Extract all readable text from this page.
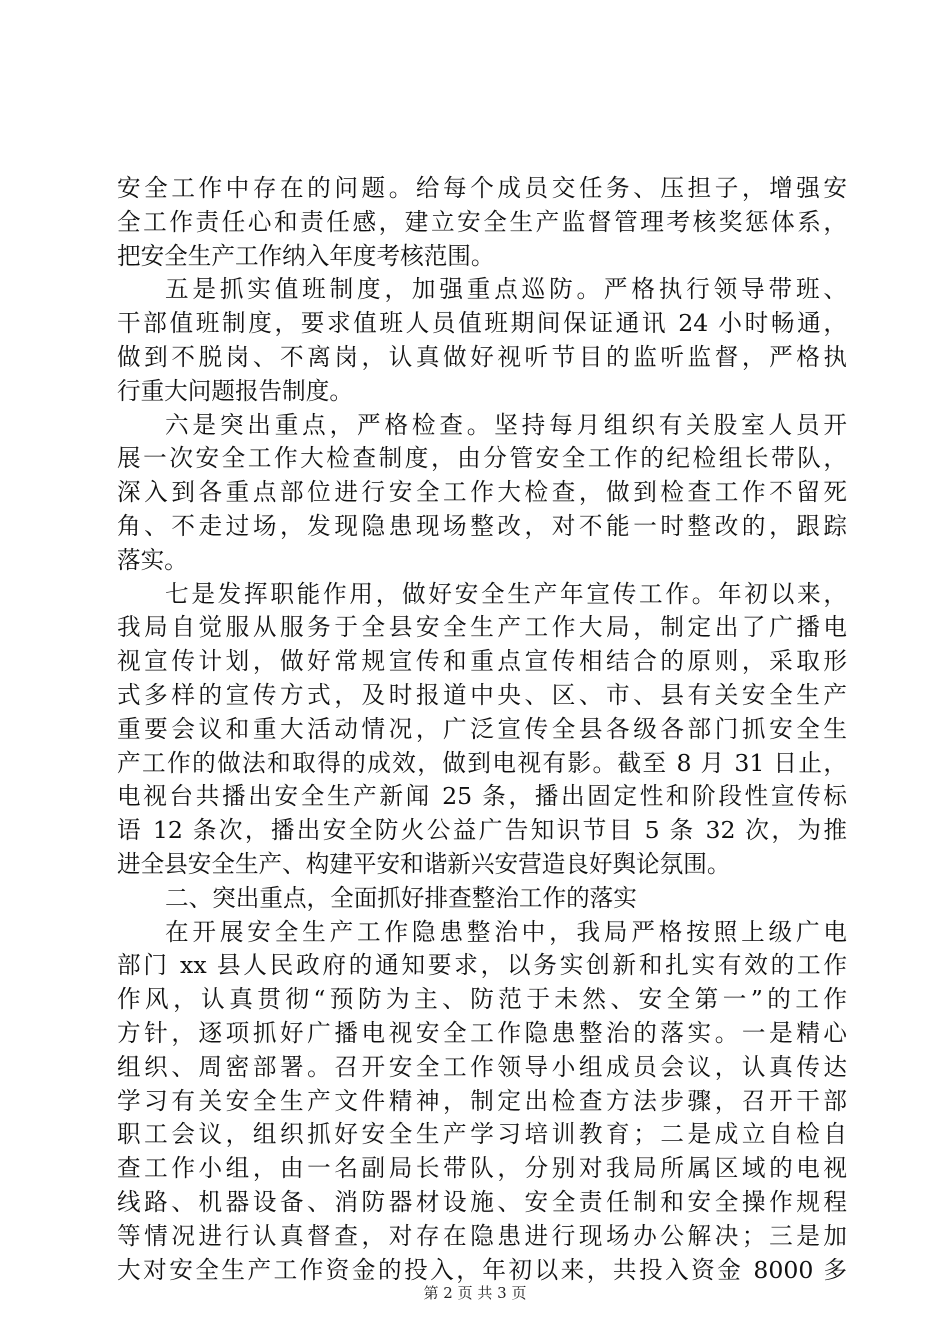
安全工作中存在的问题。给每个成员交任务、压担子，增强安
全工作责任心和责任感，建立安全生产监督管理考核奖惩体系，
把安全生产工作纳入年度考核范围。
五是抓实值班制度，加强重点巡防。严格执行领导带班、
干部值班制度，要求值班人员值班期间保证通讯 24 小时畅通，
做到不脱岗、不离岗，认真做好视听节目的监听监督，严格执
行重大问题报告制度。
六是突出重点，严格检查。坚持每月组织有关股室人员开
展一次安全工作大检查制度，由分管安全工作的纪检组长带队，
深入到各重点部位进行安全工作大检查，做到检查工作不留死
角、不走过场，发现隐患现场整改，对不能一时整改的，跟踪
落实。
七是发挥职能作用，做好安全生产年宣传工作。年初以来，
我局自觉服从服务于全县安全生产工作大局，制定出了广播电
视宣传计划，做好常规宣传和重点宣传相结合的原则，采取形
式多样的宣传方式，及时报道中央、区、市、县有关安全生产
重要会议和重大活动情况，广泛宣传全县各级各部门抓安全生
产工作的做法和取得的成效，做到电视有影。截至 8 月 31 日止，
电视台共播出安全生产新闻 25 条，播出固定性和阶段性宣传标
语 12 条次，播出安全防火公益广告知识节目 5 条 32 次，为推
进全县安全生产、构建平安和谐新兴安营造良好舆论氛围。
二、突出重点，全面抓好排查整治工作的落实
在开展安全生产工作隐患整治中，我局严格按照上级广电
部门 xx 县人民政府的通知要求，以务实创新和扎实有效的工作
作风，认真贯彻“预防为主、防范于未然、安全第一”的工作
方针，逐项抓好广播电视安全工作隐患整治的落实。一是精心
组织、周密部署。召开安全工作领导小组成员会议，认真传达
学习有关安全生产文件精神，制定出检查方法步骤，召开干部
职工会议，组织抓好安全生产学习培训教育；二是成立自检自
查工作小组，由一名副局长带队，分别对我局所属区域的电视
线路、机器设备、消防器材设施、安全责任制和安全操作规程
等情况进行认真督查，对存在隐患进行现场办公解决；三是加
大对安全生产工作资金的投入，年初以来，共投入资金 8000 多
第 2 页 共 3 页
